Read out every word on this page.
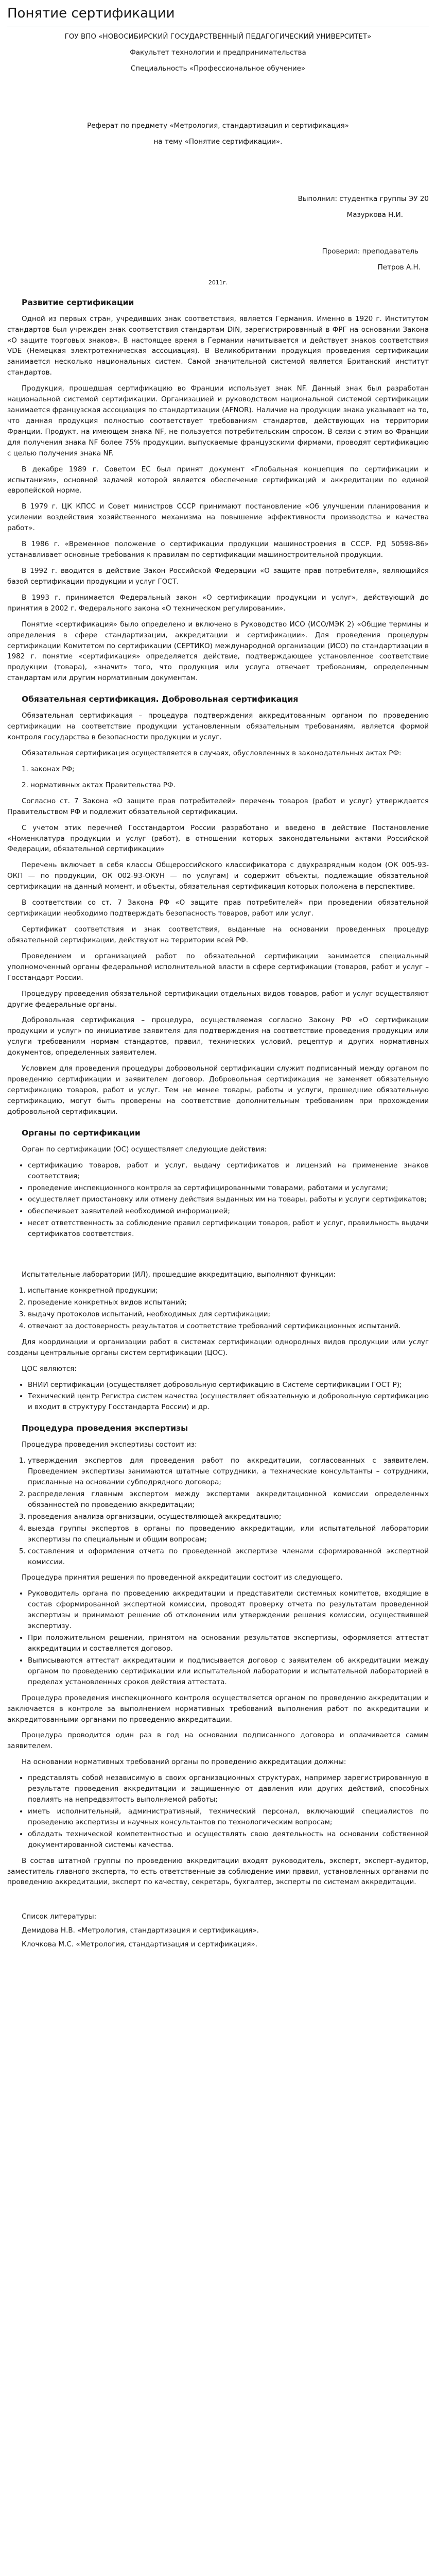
Понятие сертификации

ГОУ ВПО «НОВОСИБИРСКИЙ ГОСУДАРСТВЕННЫЙ ПЕДАГОГИЧЕСКИЙ УНИВЕРСИТЕТ»

Факультет технологии и предпринимательства

Специальность «Профессиональное обучение»

Реферат по предмету «Метрология, стандартизация и сертификация»

на тему «Понятие сертификации».

Выполнил: студентка группы ЭУ 20

Мазуркова Н.И.

Проверил: преподаватель

Петров А.Н.

2011г.

Развитие сертификации

Одной из первых стран, учредивших знак соответствия, является Германия. Именно в 1920 г. Институтом стандартов был учрежден знак соответствия стандартам DIN, зарегистрированный в ФРГ на основании Закона «О защите торговых знаков». В настоящее время в Германии начитывается и действует знаков соответствия VDE (Немецкая электротехническая ассоциация). В Великобритании продукция проведения сертификации занимается несколько национальных систем. Самой значительной системой является Британский институт стандартов.

Продукция, прошедшая сертификацию во Франции использует знак NF. Данный знак был разработан национальной системой сертификации. Организацией и руководством национальной системой сертификации занимается французская ассоциация по стандартизации (AFNOR). Наличие на продукции знака указывает на то, что данная продукция полностью соответствует требованиям стандартов, действующих на территории Франции. Продукт, на имеющем знака NF, не пользуется потребительским спросом. В связи с этим во Франции для получения знака NF более 75% продукции, выпускаемые французскими фирмами, проводят сертификацию с целью получения знака NF.

В декабре 1989 г. Советом ЕС был принят документ «Глобальная концепция по сертификации и испытаниям», основной задачей которой является обеспечение сертификаций и аккредитации по единой европейской норме.

В 1979 г. ЦК КПСС и Совет министров СССР принимают постановление «Об улучшении планирования и усилении воздействия хозяйственного механизма на повышение эффективности производства и качества работ».

В 1986 г. «Временное положение о сертификации продукции машиностроения в СССР. РД 50598-86» устанавливает основные требования к правилам по сертификации машиностроительной продукции.

В 1992 г. вводится в действие Закон Российской Федерации «О защите прав потребителя», являющийся базой сертификации продукции и услуг ГОСТ.

В 1993 г. принимается Федеральный закон «О сертификации продукции и услуг», действующий до принятия в 2002 г. Федерального закона «О техническом регулировании».

Понятие «сертификация» было определено и включено в Руководство ИСО (ИСО/МЭК 2) «Общие термины и определения в сфере стандартизации, аккредитации и сертификации». Для проведения процедуры сертификации Комитетом по сертификации (СЕРТИКО) международной организации (ИСО) по стандартизации в 1982 г. понятие «сертификация» определяется действие, подтверждающее установленное соответствие продукции (товара), «значит» того, что продукция или услуга отвечает требованиям, определенным стандартам или другим нормативным документам.

Обязательная сертификация. Добровольная сертификация

Обязательная сертификация – процедура подтверждения аккредитованным органом по проведению сертификации на соответствие продукции установленным обязательным требованиям, является формой контроля государства в безопасности продукции и услуг.

Обязательная сертификация осуществляется в случаях, обусловленных в законодательных актах РФ:

1. законах РФ;

2. нормативных актах Правительства РФ.

Согласно ст. 7 Закона «О защите прав потребителей» перечень товаров (работ и услуг) утверждается Правительством РФ и подлежит обязательной сертификации.

С учетом этих перечней Госстандартом России разработано и введено в действие Постановление «Номенклатура продукции и услуг (работ), в отношении которых законодательными актами Российской Федерации, обязательной сертификации»

Перечень включает в себя классы Общероссийского классификатора с двухразрядным кодом (ОК 005-93-ОКП — по продукции, ОК 002-93-ОКУН — по услугам) и содержит объекты, подлежащие обязательной сертификации на данный момент, и объекты, обязательная сертификация которых положена в перспективе.

В соответствии со ст. 7 Закона РФ «О защите прав потребителей» при проведении обязательной сертификации необходимо подтверждать безопасность товаров, работ или услуг.

Сертификат соответствия и знак соответствия, выданные на основании проведенных процедур обязательной сертификации, действуют на территории всей РФ.

Проведением и организацией работ по обязательной сертификации занимается специальный уполномоченный органы федеральной исполнительной власти в сфере сертификации (товаров, работ и услуг – Госстандарт России.

Процедуру проведения обязательной сертификации отдельных видов товаров, работ и услуг осуществляют другие федеральные органы.

Добровольная сертификация – процедура, осуществляемая согласно Закону РФ «О сертификации продукции и услуг» по инициативе заявителя для подтверждения на соответствие проведения продукции или услуги требованиям нормам стандартов, правил, технических условий, рецептур и других нормативных документов, определенных заявителем.

Условием для проведения процедуры добровольной сертификации служит подписанный между органом по проведению сертификации и заявителем договор. Добровольная сертификация не заменяет обязательную сертификацию товаров, работ и услуг. Тем не менее товары, работы и услуги, прошедшие обязательную сертификацию, могут быть проверены на соответствие дополнительным требованиям при прохождении добровольной сертификации.

Органы по сертификации

Орган по сертификации (ОС) осуществляет следующие действия:

• сертификацию товаров, работ и услуг, выдачу сертификатов и лицензий на применение знаков соответствия;
• проведение инспекционного контроля за сертифицированными товарами, работами и услугами;
• осуществляет приостановку или отмену действия выданных им на товары, работы и услуги сертификатов;
• обеспечивает заявителей необходимой информацией;
• несет ответственность за соблюдение правил сертификации товаров, работ и услуг, правильность выдачи сертификатов соответствия.

Испытательные лаборатории (ИЛ), прошедшие аккредитацию, выполняют функции:

1. испытание конкретной продукции;
2. проведение конкретных видов испытаний;
3. выдачу протоколов испытаний, необходимых для сертификации;
4. отвечают за достоверность результатов и соответствие требований сертификационных испытаний.

Для координации и организации работ в системах сертификации однородных видов продукции или услуг созданы центральные органы систем сертификации (ЦОС).

ЦОС являются:

• ВНИИ сертификации (осуществляет добровольную сертификацию в Системе сертификации ГОСТ Р);
• Технический центр Регистра систем качества (осуществляет обязательную и добровольную сертификацию и входит в структуру Госстандарта России) и др.
Процедура проведения экспертизы

Процедура проведения экспертизы состоит из:

1. утверждения экспертов для проведения работ по аккредитации, согласованных с заявителем. Проведением экспертизы занимаются штатные сотрудники, а технические консультанты – сотрудники, присланные на основании субподрядного договора;
2. распределения главным экспертом между экспертами аккредитационной комиссии определенных обязанностей по проведению аккредитации;
3. проведения анализа организации, осуществляющей аккредитацию;
4. выезда группы экспертов в органы по проведению аккредитации, или испытательной лаборатории экспертизы по специальным и общим вопросам;
5. составления и оформления отчета по проведенной экспертизе членами сформированной экспертной комиссии.

Процедура принятия решения по проведенной аккредитации состоит из следующего.

• Руководитель органа по проведению аккредитации и представители системных комитетов, входящие в состав сформированной экспертной комиссии, проводят проверку отчета по результатам проведенной экспертизы и принимают решение об отклонении или утверждении решения комиссии, осуществившей экспертизу.
• При положительном решении, принятом на основании результатов экспертизы, оформляется аттестат аккредитации и составляется договор.
• Выписываются аттестат аккредитации и подписывается договор с заявителем об аккредитации между органом по проведению сертификации или испытательной лаборатории и испытательной лабораторией в пределах установленных сроков действия аттестата.

Процедура проведения инспекционного контроля осуществляется органом по проведению аккредитации и заключается в контроле за выполнением нормативных требований выполнения работ по аккредитации и аккредитованными органами по проведению аккредитации.

Процедура проводится один раз в год на основании подписанного договора и оплачивается самим заявителем.

На основании нормативных требований органы по проведению аккредитации должны:

• представлять собой независимую в своих организационных структурах, например зарегистрированную в результате проведения аккредитации и защищенную от давления или других действий, способных повлиять на непредвзятость выполняемой работы;
• иметь исполнительный, административный, технический персонал, включающий специалистов по проведению экспертизы и научных консультантов по технологическим вопросам;
• обладать технической компетентностью и осуществлять свою деятельность на основании собственной документированной системы качества.

В состав штатной группы по проведению аккредитации входят руководитель, эксперт, эксперт-аудитор, заместитель главного эксперта, то есть ответственные за соблюдение ими правил, установленных органами по проведению аккредитации, эксперт по качеству, секретарь, бухгалтер, эксперты по системам аккредитации.

Список литературы:

Демидова Н.В. «Метрология, стандартизация и сертификация».

Клочкова М.С. «Метрология, стандартизация и сертификация».
